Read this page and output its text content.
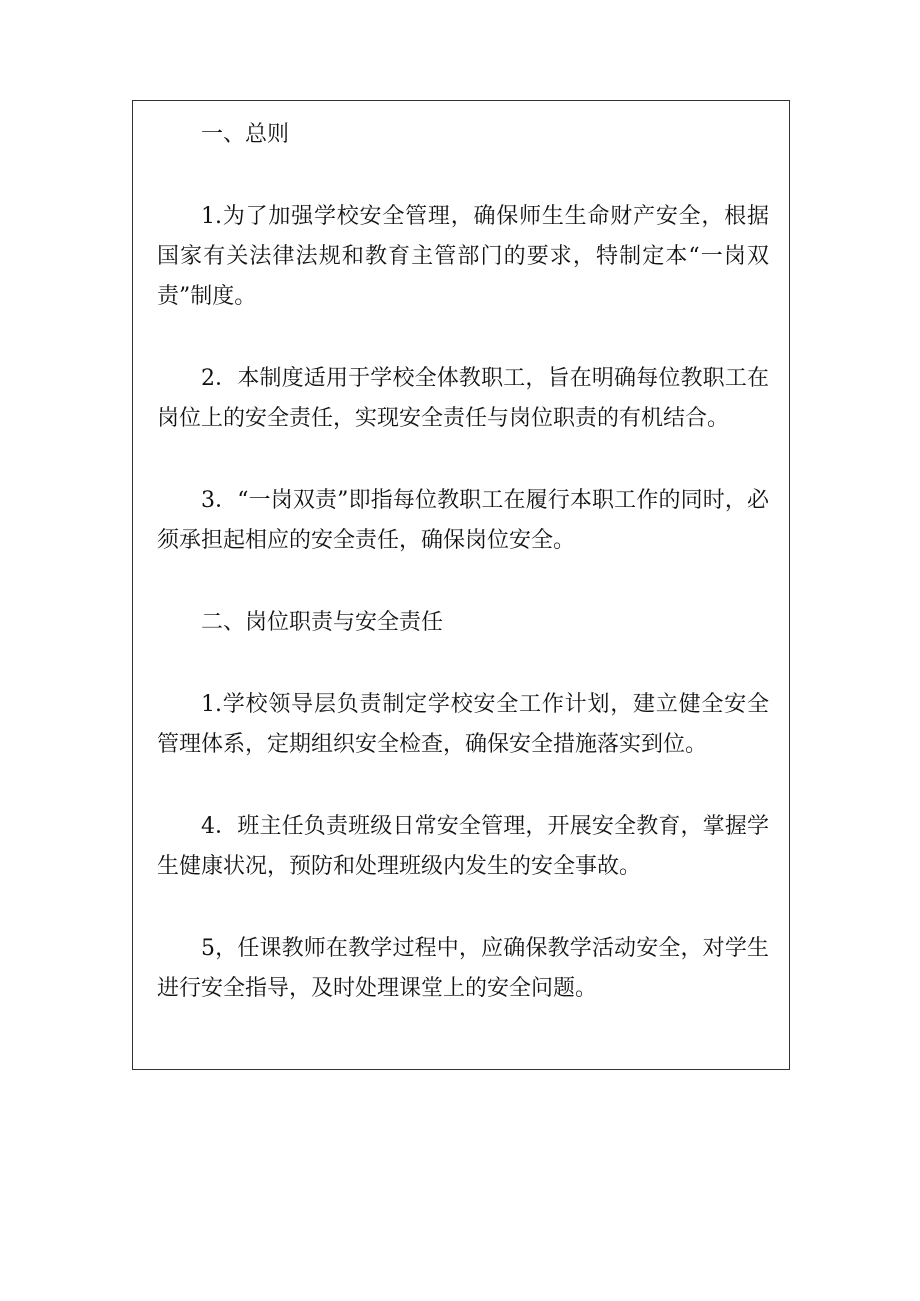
一、总则

1.为了加强学校安全管理，确保师生生命财产安全，根据国家有关法律法规和教育主管部门的要求，特制定本“一岗双责”制度。

2．本制度适用于学校全体教职工，旨在明确每位教职工在岗位上的安全责任，实现安全责任与岗位职责的有机结合。

3．“一岗双责”即指每位教职工在履行本职工作的同时，必须承担起相应的安全责任，确保岗位安全。

二、岗位职责与安全责任

1.学校领导层负责制定学校安全工作计划，建立健全安全管理体系，定期组织安全检查，确保安全措施落实到位。

4．班主任负责班级日常安全管理，开展安全教育，掌握学生健康状况，预防和处理班级内发生的安全事故。

5，任课教师在教学过程中，应确保教学活动安全，对学生进行安全指导，及时处理课堂上的安全问题。
